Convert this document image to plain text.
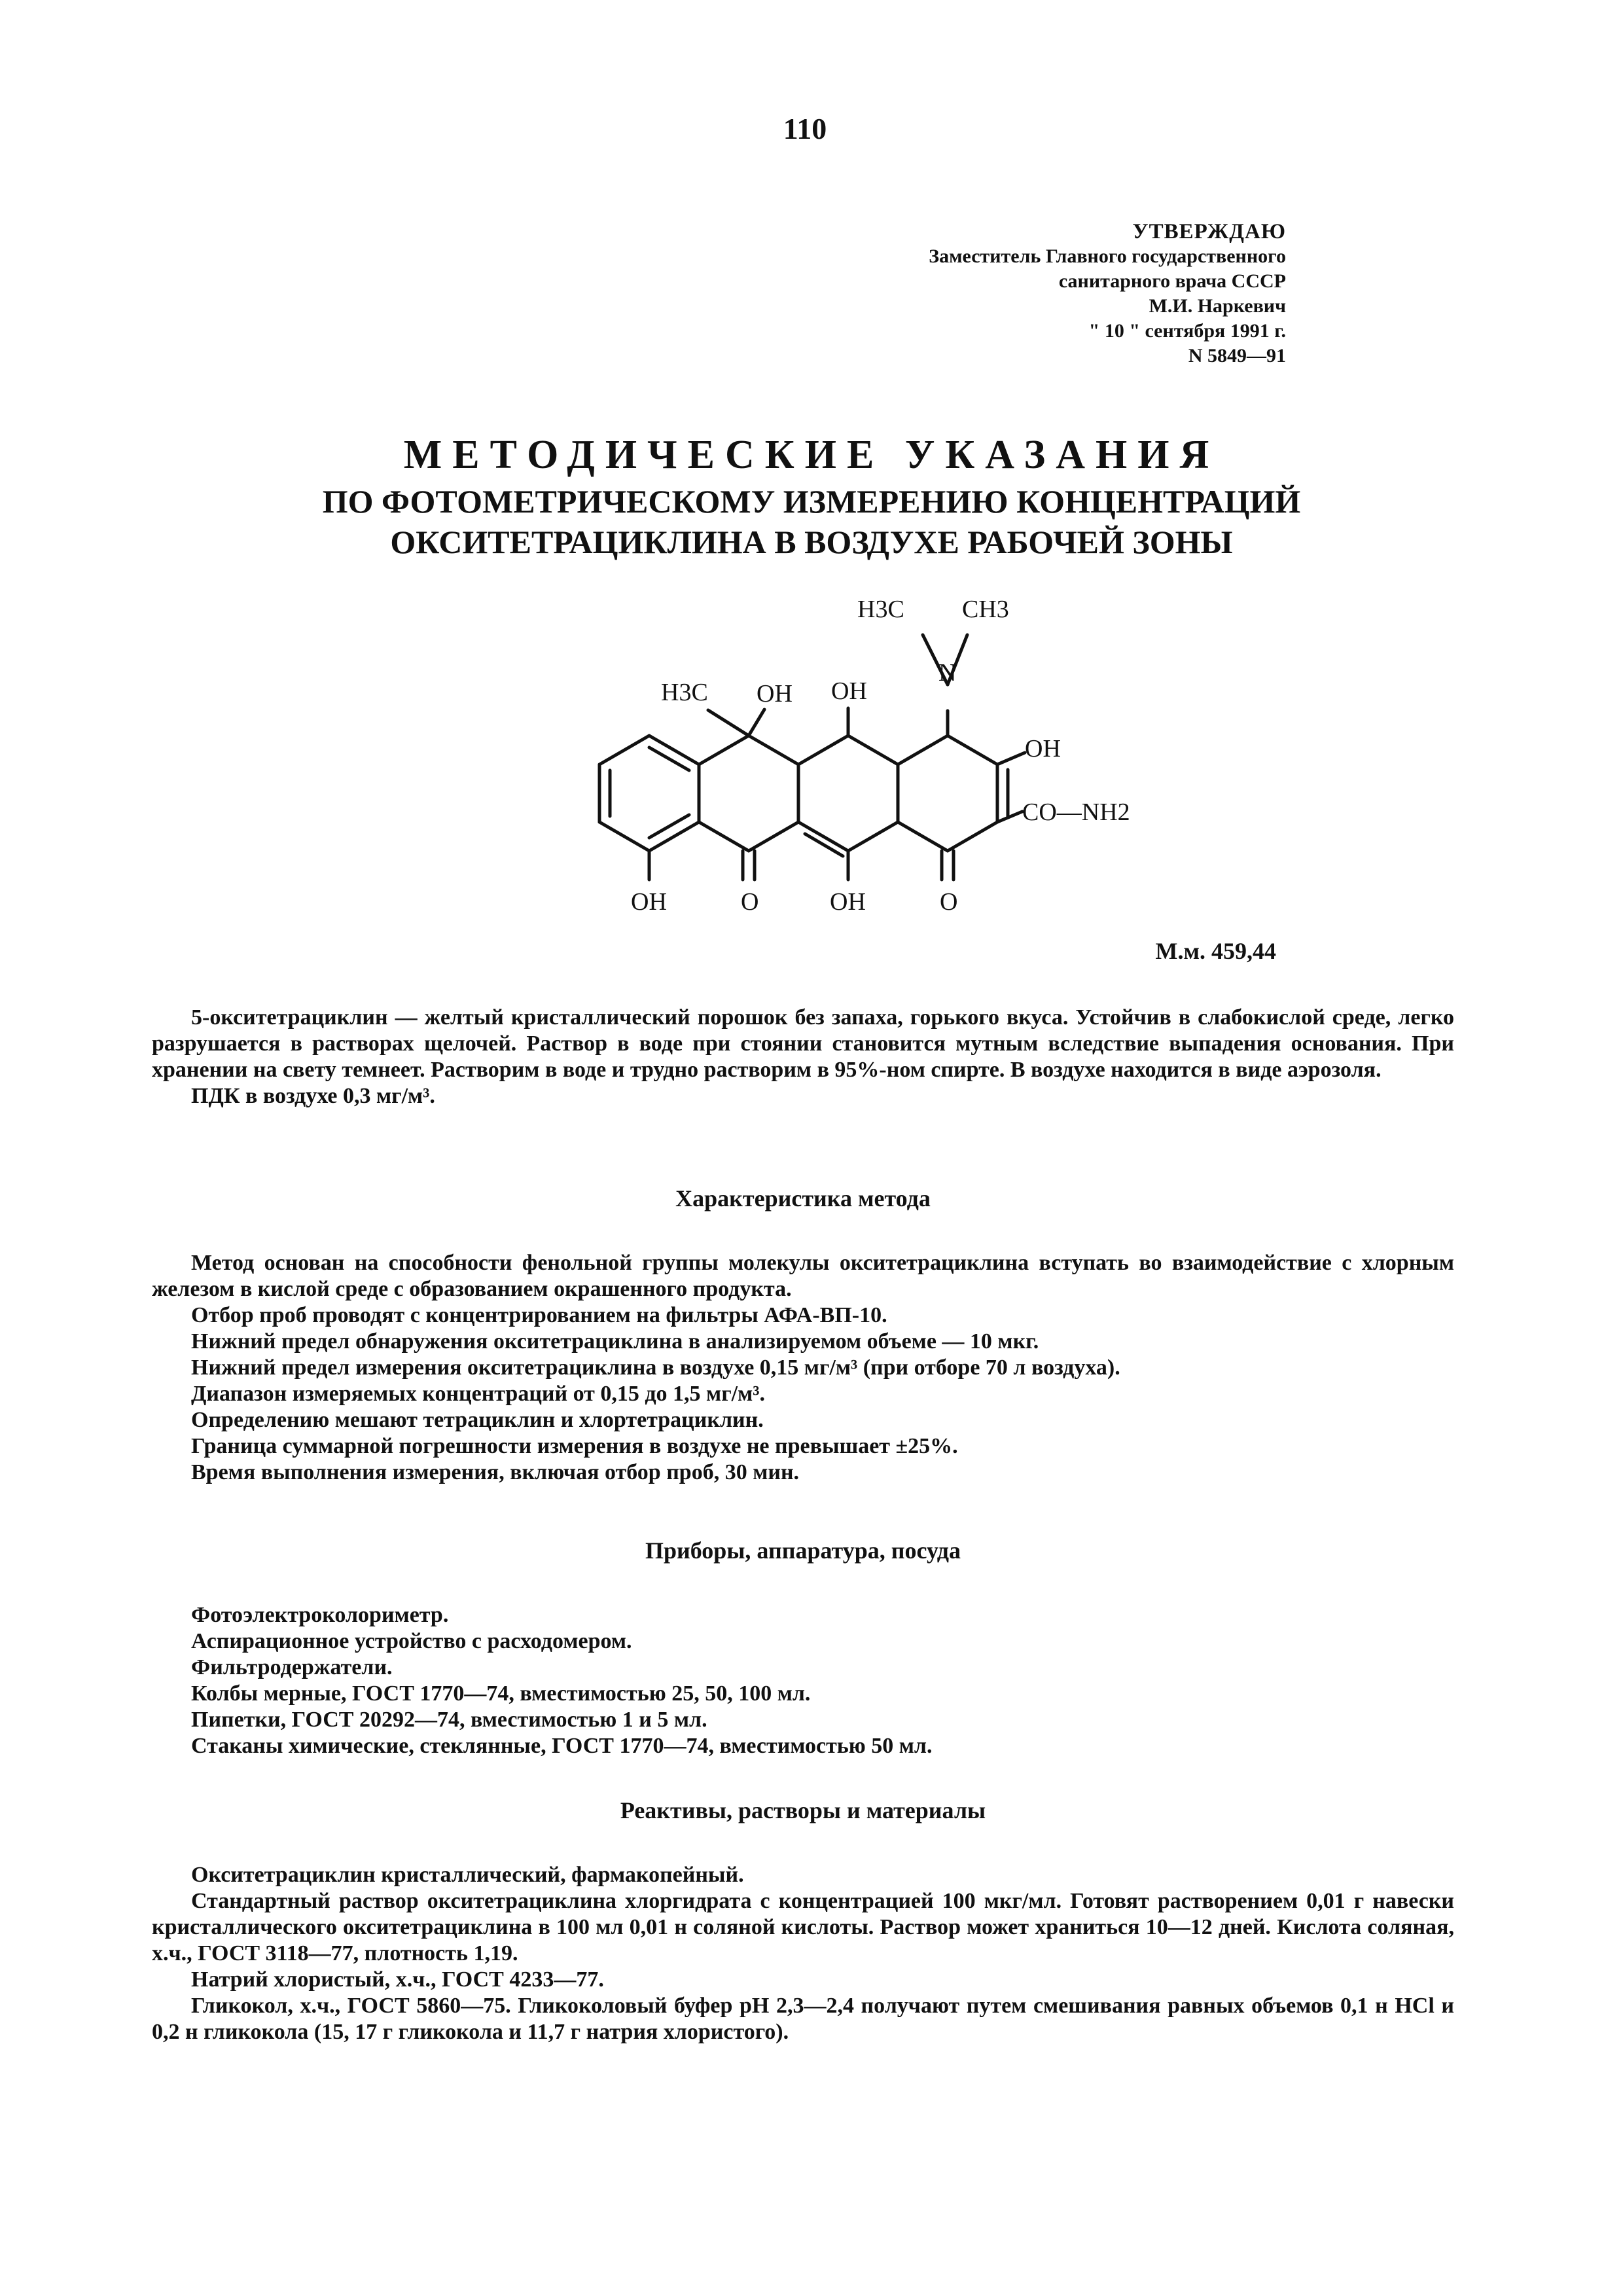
110
УТВЕРЖДАЮ
Заместитель Главного государственного
санитарного врача СССР
М.И. Наркевич
" 10 " сентября 1991 г.
N 5849—91
МЕТОДИЧЕСКИЕ УКАЗАНИЯ
ПО ФОТОМЕТРИЧЕСКОМУ ИЗМЕРЕНИЮ КОНЦЕНТРАЦИЙ
ОКСИТЕТРАЦИКЛИНА В ВОЗДУХЕ РАБОЧЕЙ ЗОНЫ
H3C CH3
N
H3C OH OH
OH
CO—NH2
OH	O	OH	O
М.м. 459,44

5-окситетрациклин — желтый кристаллический порошок без запаха, горького вкуса. Устойчив в слабокислой среде, легко разрушается в растворах щелочей. Раствор в воде при стоянии становится мутным вследствие выпадения основания. При хранении на свету темнеет. Растворим в воде и трудно растворим в 95%-ном спирте. В воздухе находится в виде аэрозоля.

ПДК в воздухе 0,3 мг/м³.

Характеристика метода

Метод основан на способности фенольной группы молекулы окситетрациклина вступать во взаимодействие с хлорным железом в кислой среде с образованием окрашенного продукта.

Отбор проб проводят с концентрированием на фильтры АФА-ВП-10.
Нижний предел обнаружения окситетрациклина в анализируемом объеме — 10 мкг.
Нижний предел измерения окситетрациклина в воздухе 0,15 мг/м³ (при отборе 70 л воздуха).
Диапазон измеряемых концентраций от 0,15 до 1,5 мг/м³.
Определению мешают тетрациклин и хлортетрациклин.
Граница суммарной погрешности измерения в воздухе не превышает ±25%.
Время выполнения измерения, включая отбор проб, 30 мин.
Приборы, аппаратура, посуда
Фотоэлектроколориметр.
Аспирационное устройство с расходомером.
Фильтродержатели.
Колбы мерные, ГОСТ 1770—74, вместимостью 25, 50, 100 мл.
Пипетки, ГОСТ 20292—74, вместимостью 1 и 5 мл.
Стаканы химические, стеклянные, ГОСТ 1770—74, вместимостью 50 мл.
Реактивы, растворы и материалы

Окситетрациклин кристаллический, фармакопейный.

Стандартный раствор окситетрациклина хлоргидрата с концентрацией 100 мкг/мл. Готовят растворением 0,01 г навески кристаллического окситетрациклина в 100 мл 0,01 н соляной кислоты. Раствор может храниться 10—12 дней. Кислота соляная, х.ч., ГОСТ 3118—77, плотность 1,19.

Натрий хлористый, х.ч., ГОСТ 4233—77.

Гликокол, х.ч., ГОСТ 5860—75. Гликоколовый буфер pH 2,3—2,4 получают путем смешивания равных объемов 0,1 н HCl и 0,2 н гликокола (15, 17 г гликокола и 11,7 г натрия хлористого).
